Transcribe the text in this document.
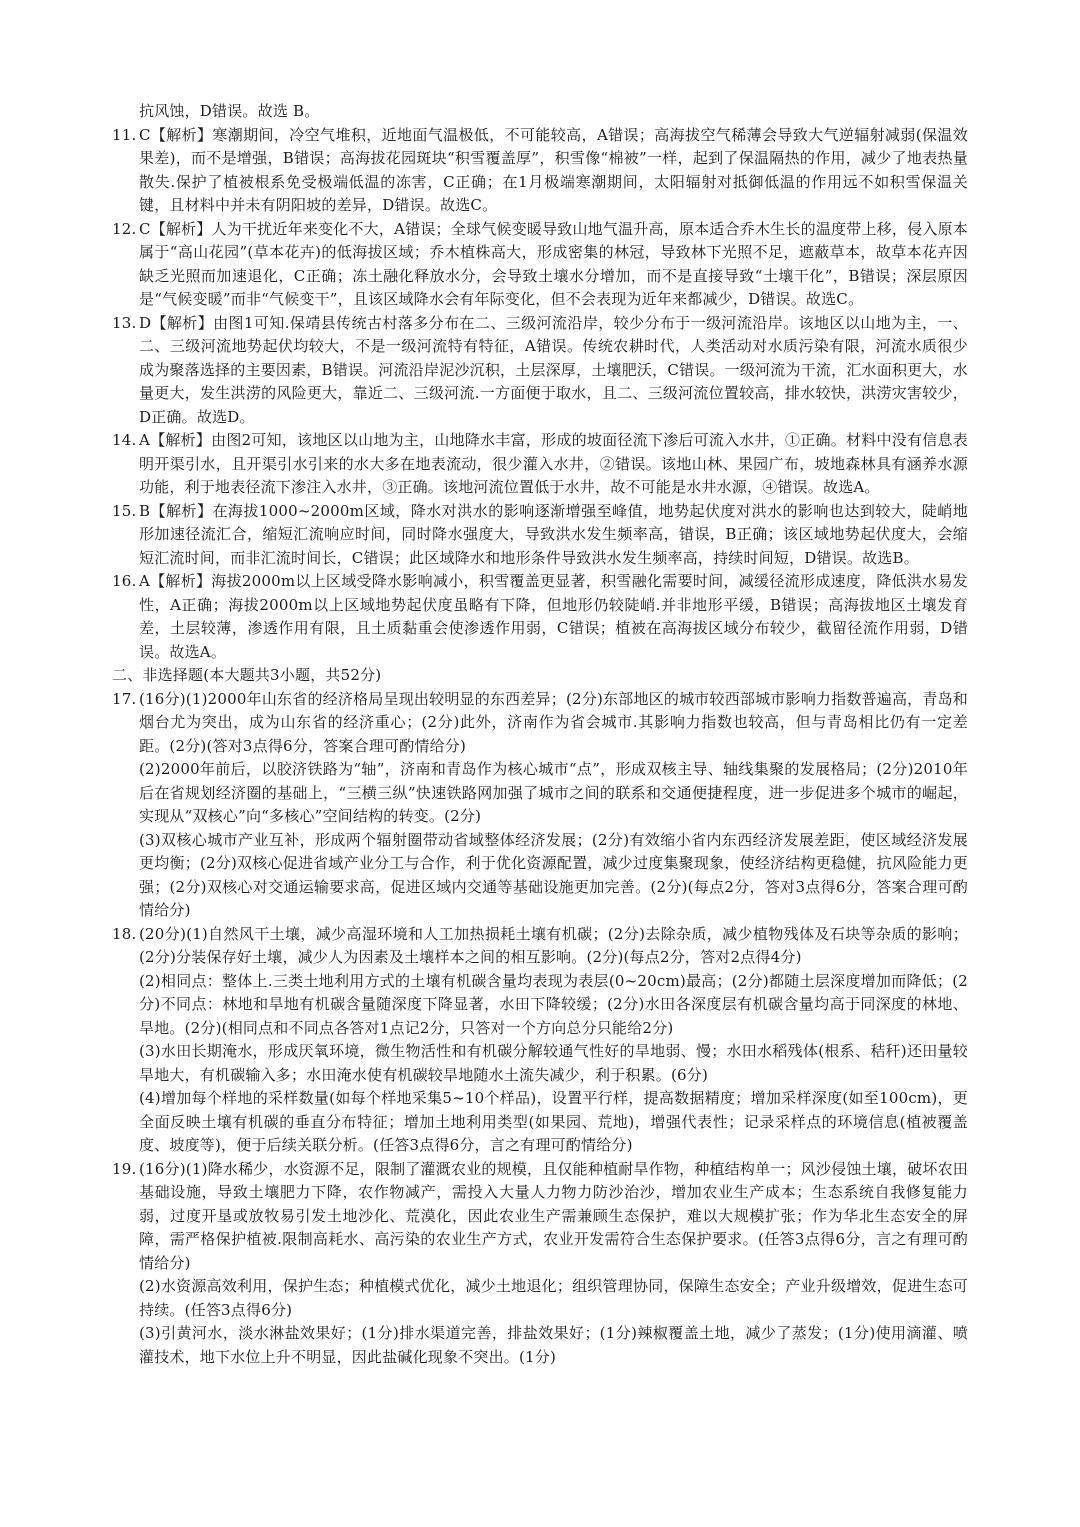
抗风蚀，D错误。故选 B。

11. C【解析】寒潮期间，冷空气堆积，近地面气温极低，不可能较高，A错误；高海拔空气稀薄会导致大气逆辐射减弱(保温效果差)，而不是增强，B错误；高海拔花园斑块“积雪覆盖厚”，积雪像“棉被”一样，起到了保温隔热的作用，减少了地表热量散失.保护了植被根系免受极端低温的冻害，C正确；在1月极端寒潮期间，太阳辐射对抵御低温的作用远不如积雪保温关键，且材料中并未有阴阳坡的差异，D错误。故选C。
12. C【解析】人为干扰近年来变化不大，A错误；全球气候变暖导致山地气温升高，原本适合乔木生长的温度带上移，侵入原本属于“高山花园”(草本花卉)的低海拔区域；乔木植株高大，形成密集的林冠，导致林下光照不足，遮蔽草本，故草本花卉因缺乏光照而加速退化，C正确；冻土融化释放水分，会导致土壤水分增加，而不是直接导致“土壤干化”，B错误；深层原因是“气候变暖”而非“气候变干”，且该区域降水会有年际变化，但不会表现为近年来都减少，D错误。故选C。
13. D【解析】由图1可知.保靖县传统古村落多分布在二、三级河流沿岸，较少分布于一级河流沿岸。该地区以山地为主，一、二、三级河流地势起伏均较大，不是一级河流特有特征，A错误。传统农耕时代，人类活动对水质污染有限，河流水质很少成为聚落选择的主要因素，B错误。河流沿岸泥沙沉积，土层深厚，土壤肥沃，C错误。一级河流为干流，汇水面积更大，水量更大，发生洪涝的风险更大，靠近二、三级河流.一方面便于取水，且二、三级河流位置较高，排水较快，洪涝灾害较少，D正确。故选D。
14. A【解析】由图2可知，该地区以山地为主，山地降水丰富，形成的坡面径流下渗后可流入水井，①正确。材料中没有信息表明开渠引水，且开渠引水引来的水大多在地表流动，很少灌入水井，②错误。该地山林、果园广布，坡地森林具有涵养水源功能，利于地表径流下渗注入水井，③正确。该地河流位置低于水井，故不可能是水井水源，④错误。故选A。
15. B【解析】在海拔1000~2000m区域，降水对洪水的影响逐渐增强至峰值，地势起伏度对洪水的影响也达到较大，陡峭地形加速径流汇合，缩短汇流响应时间，同时降水强度大，导致洪水发生频率高，错误，B正确；该区域地势起伏度大，会缩短汇流时间，而非汇流时间长，C错误；此区域降水和地形条件导致洪水发生频率高，持续时间短，D错误。故选B。
16. A【解析】海拔2000m以上区域受降水影响减小，积雪覆盖更显著，积雪融化需要时间，减缓径流形成速度，降低洪水易发性，A正确；海拔2000m以上区域地势起伏度虽略有下降，但地形仍较陡峭.并非地形平缓，B错误；高海拔地区土壤发育差，土层较薄，渗透作用有限，且土质黏重会使渗透作用弱，C错误；植被在高海拔区域分布较少，截留径流作用弱，D错误。故选A。

二、非选择题(本大题共3小题，共52分)

17. (16分)(1)2000年山东省的经济格局呈现出较明显的东西差异；(2分)东部地区的城市较西部城市影响力指数普遍高，青岛和烟台尤为突出，成为山东省的经济重心；(2分)此外，济南作为省会城市.其影响力指数也较高，但与青岛相比仍有一定差距。(2分)(答对3点得6分，答案合理可酌情给分)

(2)2000年前后，以胶济铁路为“轴”，济南和青岛作为核心城市“点”，形成双核主导、轴线集聚的发展格局；(2分)2010年后在省规划经济圈的基础上，“三横三纵”快速铁路网加强了城市之间的联系和交通便捷程度，进一步促进多个城市的崛起，实现从“双核心”向“多核心”空间结构的转变。(2分)

(3)双核心城市产业互补，形成两个辐射圈带动省域整体经济发展；(2分)有效缩小省内东西经济发展差距，使区域经济发展更均衡；(2分)双核心促进省域产业分工与合作，利于优化资源配置，减少过度集聚现象，使经济结构更稳健，抗风险能力更强；(2分)双核心对交通运输要求高，促进区域内交通等基础设施更加完善。(2分)(每点2分，答对3点得6分，答案合理可酌情给分)

18. (20分)(1)自然风干土壤，减少高湿环境和人工加热损耗土壤有机碳；(2分)去除杂质，减少植物残体及石块等杂质的影响；(2分)分装保存好土壤，减少人为因素及土壤样本之间的相互影响。(2分)(每点2分，答对2点得4分)

(2)相同点：整体上.三类土地利用方式的土壤有机碳含量均表现为表层(0~20cm)最高；(2分)都随土层深度增加而降低；(2分)不同点：林地和旱地有机碳含量随深度下降显著，水田下降较缓；(2分)水田各深度层有机碳含量均高于同深度的林地、旱地。(2分)(相同点和不同点各答对1点记2分，只答对一个方向总分只能给2分)

(3)水田长期淹水，形成厌氧环境，微生物活性和有机碳分解较通气性好的旱地弱、慢；水田水稻残体(根系、秸秆)还田量较旱地大，有机碳输入多；水田淹水使有机碳较旱地随水土流失减少，利于积累。(6分)

(4)增加每个样地的采样数量(如每个样地采集5~10个样品)，设置平行样，提高数据精度；增加采样深度(如至100cm)，更全面反映土壤有机碳的垂直分布特征；增加土地利用类型(如果园、荒地)，增强代表性；记录采样点的环境信息(植被覆盖度、坡度等)，便于后续关联分析。(任答3点得6分，言之有理可酌情给分)

19. (16分)(1)降水稀少，水资源不足，限制了灌溉农业的规模，且仅能种植耐旱作物，种植结构单一；风沙侵蚀土壤，破坏农田基础设施，导致土壤肥力下降，农作物减产，需投入大量人力物力防沙治沙，增加农业生产成本；生态系统自我修复能力弱，过度开垦或放牧易引发土地沙化、荒漠化，因此农业生产需兼顾生态保护，难以大规模扩张；作为华北生态安全的屏障，需严格保护植被.限制高耗水、高污染的农业生产方式，农业开发需符合生态保护要求。(任答3点得6分，言之有理可酌情给分)

(2)水资源高效利用，保护生态；种植模式优化，减少土地退化；组织管理协同，保障生态安全；产业升级增效，促进生态可持续。(任答3点得6分)

(3)引黄河水，淡水淋盐效果好；(1分)排水渠道完善，排盐效果好；(1分)辣椒覆盖土地，减少了蒸发；(1分)使用滴灌、喷灌技术，地下水位上升不明显，因此盐碱化现象不突出。(1分)
